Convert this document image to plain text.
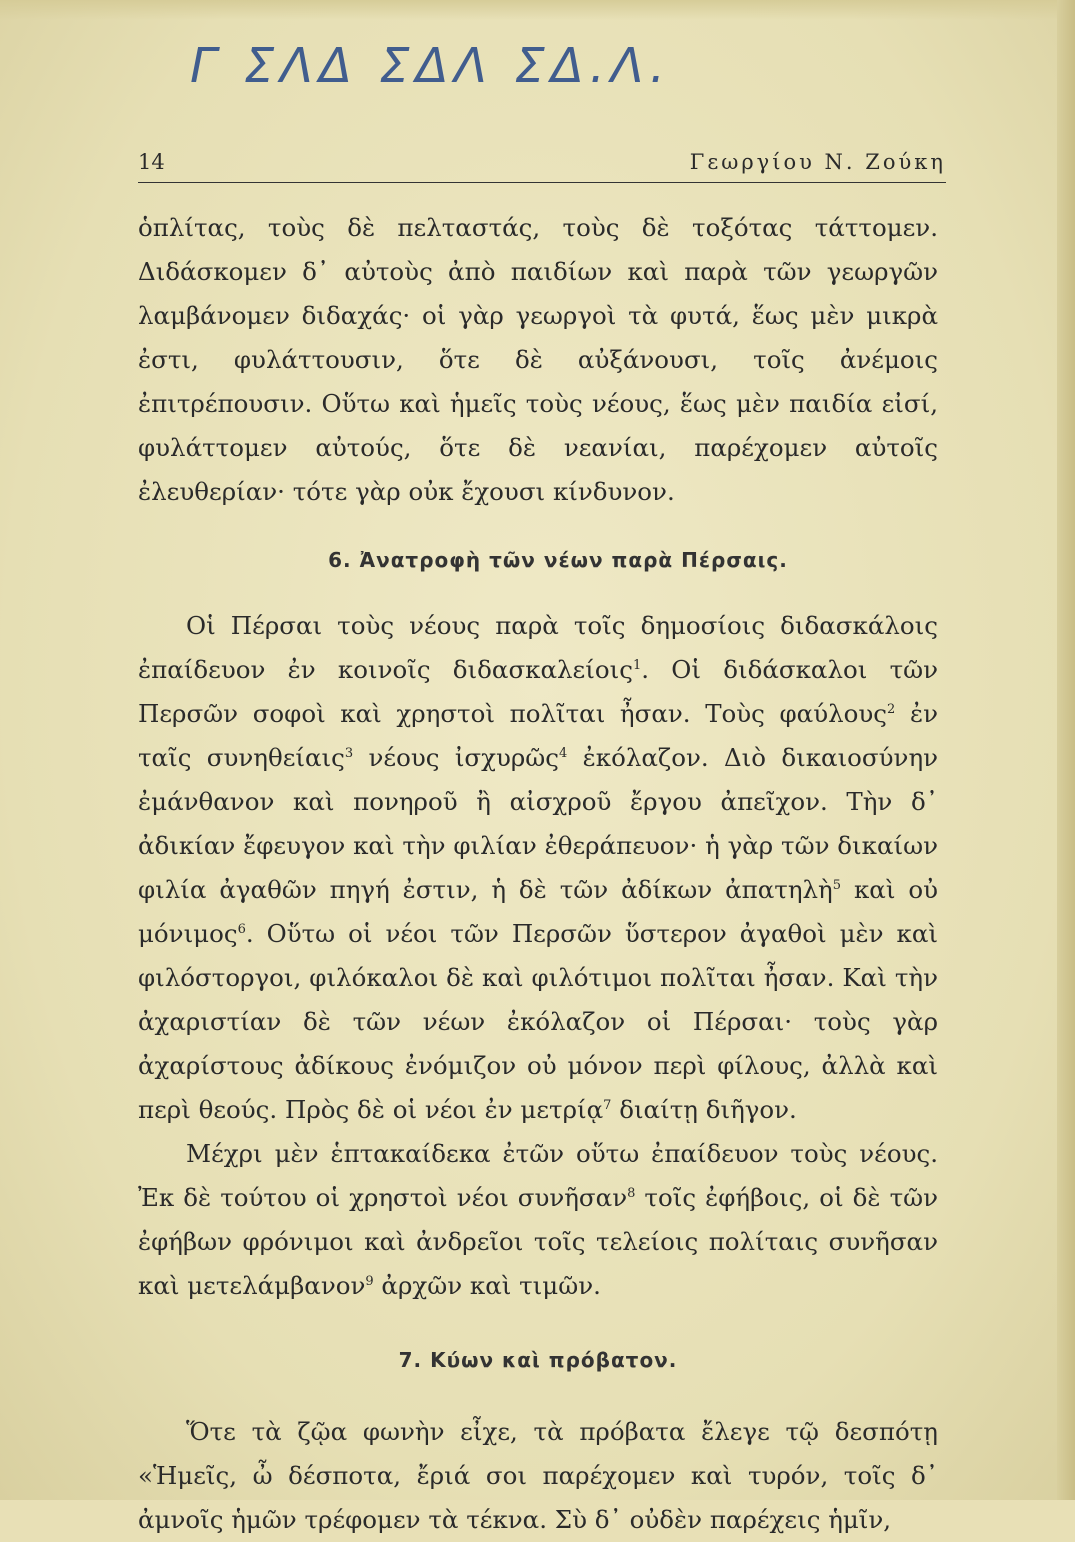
Γ ΣΛΔ ΣΔΛ ΣΔ.Λ.
14	Γεωργίου Ν. Ζούκη

ὁπλίτας, τοὺς δὲ πελταστάς, τοὺς δὲ τοξότας τάττομεν. Διδάσκομεν δ᾽ αὐτοὺς ἀπὸ παιδίων καὶ παρὰ τῶν γεωργῶν λαμβάνομεν διδαχάς· οἱ γὰρ γεωργοὶ τὰ φυτά, ἕως μὲν μικρὰ ἐστι, φυλάττουσιν, ὅτε δὲ αὐξάνουσι, τοῖς ἀνέμοις ἐπιτρέπουσιν. Οὕτω καὶ ἡμεῖς τοὺς νέους, ἕως μὲν παιδία εἰσί, φυλάττομεν αὐτούς, ὅτε δὲ νεανίαι, παρέχομεν αὐτοῖς ἐλευθερίαν· τότε γὰρ οὐκ ἔχουσι κίνδυνον.

6. Ἀνατροφὴ τῶν νέων παρὰ Πέρσαις.

Οἱ Πέρσαι τοὺς νέους παρὰ τοῖς δημοσίοις διδασκάλοις ἐπαίδευον ἐν κοινοῖς διδασκαλείοις$^1$. Οἱ διδάσκαλοι τῶν Περσῶν σοφοὶ καὶ χρηστοὶ πολῖται ἦσαν. Τοὺς φαύλους$^2$ ἐν ταῖς συνηθείαις$^3$ νέους ἰσχυρῶς$^4$ ἐκόλαζον. Διὸ δικαιοσύνην ἐμάνθανον καὶ πονηροῦ ἢ αἰσχροῦ ἔργου ἀπεῖχον. Τὴν δ᾽ ἀδικίαν ἔφευγον καὶ τὴν φιλίαν ἐθεράπευον· ἡ γὰρ τῶν δικαίων φιλία ἀγαθῶν πηγή ἐστιν, ἡ δὲ τῶν ἀδίκων ἀπατηλὴ$^5$ καὶ οὐ μόνιμος$^6$. Οὕτω οἱ νέοι τῶν Περσῶν ὕστερον ἀγαθοὶ μὲν καὶ φιλόστοργοι, φιλόκαλοι δὲ καὶ φιλότιμοι πολῖται ἦσαν. Καὶ τὴν ἀχαριστίαν δὲ τῶν νέων ἐκόλαζον οἱ Πέρσαι· τοὺς γὰρ ἀχαρίστους ἀδίκους ἐνόμιζον οὐ μόνον περὶ φίλους, ἀλλὰ καὶ περὶ θεούς. Πρὸς δὲ οἱ νέοι ἐν μετρίᾳ$^7$ διαίτῃ διῆγον.

Μέχρι μὲν ἑπτακαίδεκα ἐτῶν οὕτω ἐπαίδευον τοὺς νέους. Ἐκ δὲ τούτου οἱ χρηστοὶ νέοι συνῆσαν$^8$ τοῖς ἐφήβοις, οἱ δὲ τῶν ἐφήβων φρόνιμοι καὶ ἀνδρεῖοι τοῖς τελείοις πολίταις συνῆσαν καὶ μετελάμβανον$^9$ ἀρχῶν καὶ τιμῶν.

7. Κύων καὶ πρόβατον.

Ὅτε τὰ ζῷα φωνὴν εἶχε, τὰ πρόβατα ἔλεγε τῷ δεσπότῃ «Ἡμεῖς, ὦ δέσποτα, ἔριά σοι παρέχομεν καὶ τυρόν, τοῖς δ᾽ ἀμνοῖς ἡμῶν τρέφομεν τὰ τέκνα. Σὺ δ᾽ οὐδὲν παρέχεις ἡμῖν,
